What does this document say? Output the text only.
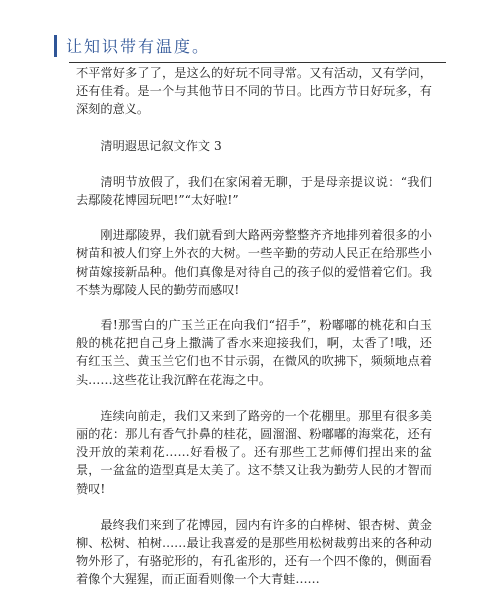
让知识带有温度。

不平常好多了了，是这么的好玩不同寻常。又有活动，又有学问，还有佳肴。是一个与其他节日不同的节日。比西方节日好玩多，有深刻的意义。

清明遐思记叙文作文 3

清明节放假了，我们在家闲着无聊，于是母亲提议说：“我们去鄢陵花博园玩吧!”“太好啦!”

刚进鄢陵界，我们就看到大路两旁整整齐齐地排列着很多的小树苗和被人们穿上外衣的大树。一些辛勤的劳动人民正在给那些小树苗嫁接新品种。他们真像是对待自己的孩子似的爱惜着它们。我不禁为鄢陵人民的勤劳而感叹!

看!那雪白的广玉兰正在向我们“招手”，粉嘟嘟的桃花和白玉般的桃花把自己身上撒满了香水来迎接我们，啊，太香了!哦，还有红玉兰、黄玉兰它们也不甘示弱，在微风的吹拂下，频频地点着头……这些花让我沉醉在花海之中。

连续向前走，我们又来到了路旁的一个花棚里。那里有很多美丽的花：那儿有香气扑鼻的桂花，圆溜溜、粉嘟嘟的海棠花，还有没开放的茉莉花……好看极了。还有那些工艺师傅们捏出来的盆景，一盆盆的造型真是太美了。这不禁又让我为勤劳人民的才智而赞叹!

最终我们来到了花博园，园内有许多的白桦树、银杏树、黄金柳、松树、柏树……最让我喜爱的是那些用松树裁剪出来的各种动物外形了，有骆驼形的，有孔雀形的，还有一个四不像的，侧面看着像个大猩猩，而正面看则像一个大青蛙……
